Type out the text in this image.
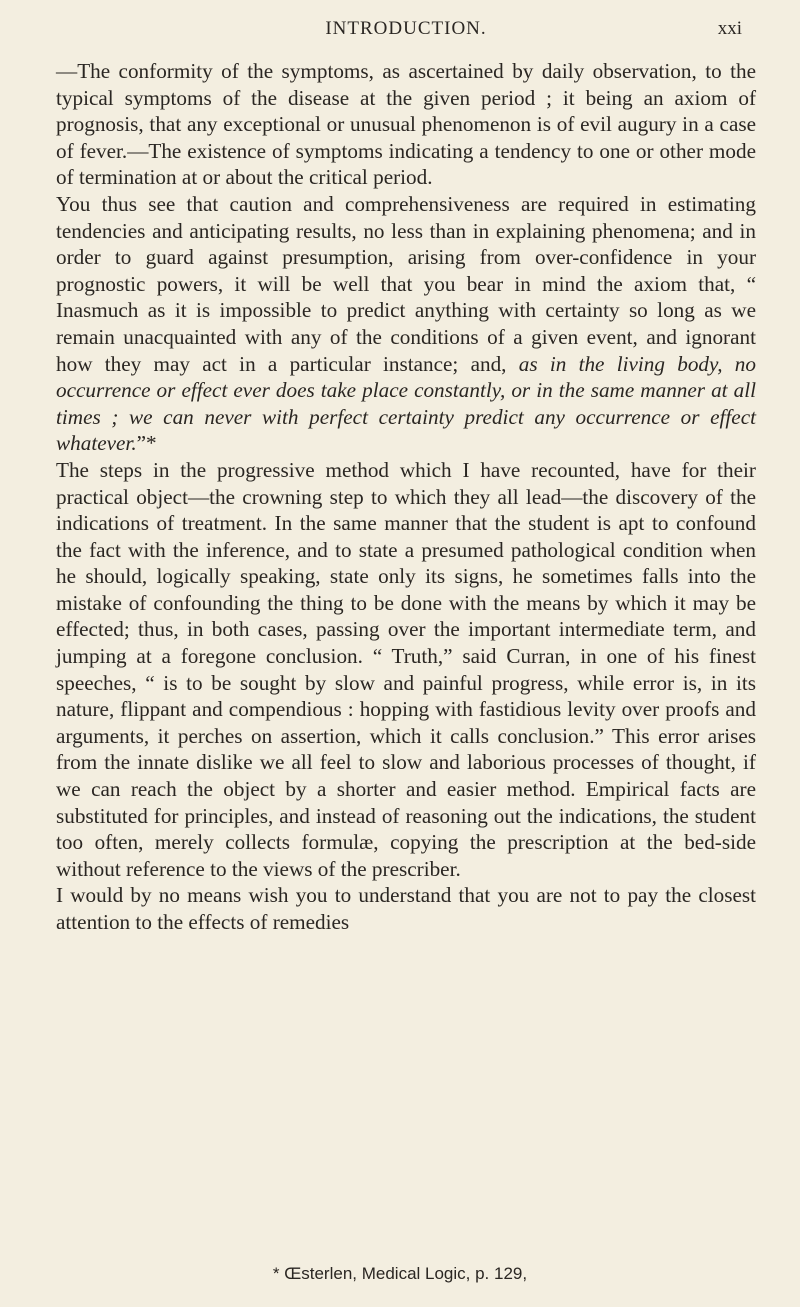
INTRODUCTION.	xxi

—The conformity of the symptoms, as ascertained by daily observation, to the typical symptoms of the disease at the given period ; it being an axiom of prognosis, that any exceptional or unusual phenomenon is of evil augury in a case of fever.—The existence of symptoms indicating a tendency to one or other mode of termination at or about the critical period.

You thus see that caution and comprehensiveness are required in estimating tendencies and anticipating results, no less than in explaining phenomena; and in order to guard against presumption, arising from over-confidence in your prognostic powers, it will be well that you bear in mind the axiom that, “ Inasmuch as it is impossible to predict anything with certainty so long as we remain unacquainted with any of the conditions of a given event, and ignorant how they may act in a particular instance; and, as in the living body, no occurrence or effect ever does take place constantly, or in the same manner at all times ; we can never with perfect certainty predict any occurrence or effect whatever.”*

The steps in the progressive method which I have recounted, have for their practical object—the crowning step to which they all lead—the discovery of the indications of treatment. In the same manner that the student is apt to confound the fact with the inference, and to state a presumed pathological condition when he should, logically speaking, state only its signs, he sometimes falls into the mistake of confounding the thing to be done with the means by which it may be effected; thus, in both cases, passing over the important intermediate term, and jumping at a foregone conclusion. “ Truth,” said Curran, in one of his finest speeches, “ is to be sought by slow and painful progress, while error is, in its nature, flippant and compendious : hopping with fastidious levity over proofs and arguments, it perches on assertion, which it calls conclusion.” This error arises from the innate dislike we all feel to slow and laborious processes of thought, if we can reach the object by a shorter and easier method. Empirical facts are substituted for principles, and instead of reasoning out the indications, the student too often, merely collects formulæ, copying the prescription at the bed-side without reference to the views of the prescriber.

I would by no means wish you to understand that you are not to pay the closest attention to the effects of remedies

* Œsterlen, Medical Logic, p. 129,
